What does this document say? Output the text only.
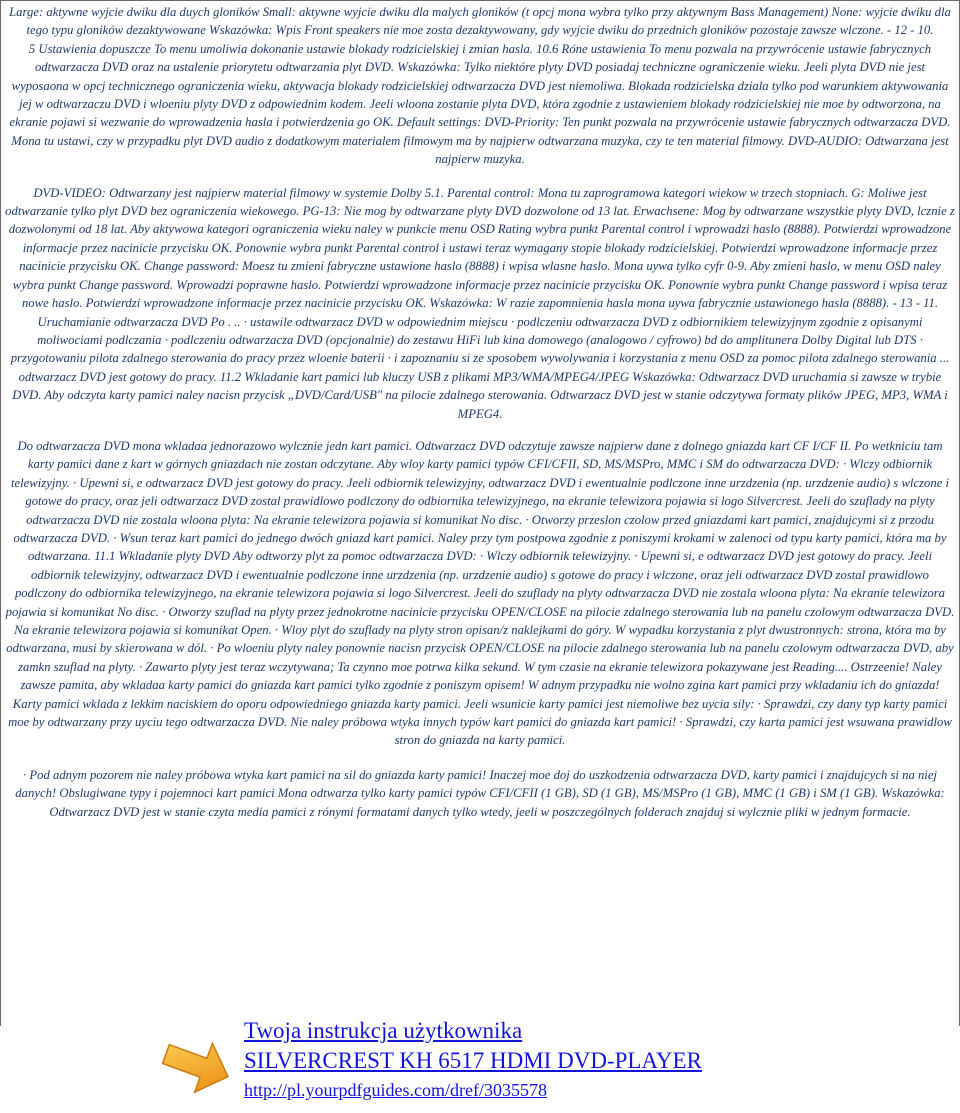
Large: aktywne wyjcie dwiku dla duych gloników Small: aktywne wyjcie dwiku dla malych gloników (t opcj mona wybra tylko przy aktywnym Bass Management) None: wyjcie dwiku dla tego typu gloników dezaktywowane Wskazówka: Wpis Front speakers nie moe zosta dezaktywowany, gdy wyjcie dwiku do przednich gloników pozostaje zawsze wlczone. - 12 - 10.

5 Ustawienia dopuszcze To menu umoliwia dokonanie ustawie blokady rodzicielskiej i zmian hasla. 10.6 Róne ustawienia To menu pozwala na przywrócenie ustawie fabrycznych odtwarzacza DVD oraz na ustalenie priorytetu odtwarzania plyt DVD. Wskazówka: Tylko niektóre plyty DVD posiadaj techniczne ograniczenie wieku. Jeeli plyta DVD nie jest wyposaona w opcj technicznego ograniczenia wieku, aktywacja blokady rodzicielskiej odtwarzacza DVD jest niemoliwa. Blokada rodzicielska dziala tylko pod warunkiem aktywowania jej w odtwarzaczu DVD i wloeniu plyty DVD z odpowiednim kodem. Jeeli wloona zostanie plyta DVD, która zgodnie z ustawieniem blokady rodzicielskiej nie moe by odtworzona, na ekranie pojawi si wezwanie do wprowadzenia hasla i potwierdzenia go OK. Default settings: DVD-Priority: Ten punkt pozwala na przywrócenie ustawie fabrycznych odtwarzacza DVD. Mona tu ustawi, czy w przypadku plyt DVD audio z dodatkowym materialem filmowym ma by najpierw odtwarzana muzyka, czy te ten material filmowy. DVD-AUDIO: Odtwarzana jest najpierw muzyka.

DVD-VIDEO: Odtwarzany jest najpierw material filmowy w systemie Dolby 5.1. Parental control: Mona tu zaprogramowa kategori wiekow w trzech stopniach. G: Moliwe jest odtwarzanie tylko plyt DVD bez ograniczenia wiekowego. PG-13: Nie mog by odtwarzane plyty DVD dozwolone od 13 lat. Erwachsene: Mog by odtwarzane wszystkie plyty DVD, lcznie z dozwolonymi od 18 lat. Aby aktywowa kategori ograniczenia wieku naley w punkcie menu OSD Rating wybra punkt Parental control i wprowadzi haslo (8888). Potwierdzi wprowadzone informacje przez nacinicie przycisku OK. Ponownie wybra punkt Parental control i ustawi teraz wymagany stopie blokady rodzicielskiej. Potwierdzi wprowadzone informacje przez nacinicie przycisku OK. Change password: Moesz tu zmieni fabryczne ustawione haslo (8888) i wpisa wlasne haslo. Mona uywa tylko cyfr 0-9. Aby zmieni haslo, w menu OSD naley wybra punkt Change password. Wprowadzi poprawne haslo. Potwierdzi wprowadzone informacje przez nacinicie przycisku OK. Ponownie wybra punkt Change password i wpisa teraz nowe haslo. Potwierdzi wprowadzone informacje przez nacinicie przycisku OK. Wskazówka: W razie zapomnienia hasla mona uywa fabrycznie ustawionego hasla (8888). - 13 - 11. Uruchamianie odtwarzacza DVD Po . .. · ustawile odtwarzacz DVD w odpowiednim miejscu · podlczeniu odtwarzacza DVD z odbiornikiem telewizyjnym zgodnie z opisanymi moliwociami podlczania · podlczeniu odtwarzacza DVD (opcjonalnie) do zestawu HiFi lub kina domowego (analogowo / cyfrowo) bd do amplitunera Dolby Digital lub DTS · przygotowaniu pilota zdalnego sterowania do pracy przez wloenie baterii · i zapoznaniu si ze sposobem wywolywania i korzystania z menu OSD za pomoc pilota zdalnego sterowania ... odtwarzacz DVD jest gotowy do pracy. 11.2 Wkladanie kart pamici lub kluczy USB z plikami MP3/WMA/MPEG4/JPEG Wskazówka: Odtwarzacz DVD uruchamia si zawsze w trybie DVD. Aby odczyta karty pamici naley nacisn przycisk „DVD/Card/USB" na pilocie zdalnego sterowania. Odtwarzacz DVD jest w stanie odczytywa formaty plików JPEG, MP3, WMA i MPEG4.

Do odtwarzacza DVD mona wkladaa jednorazowo wylcznie jedn kart pamici. Odtwarzacz DVD odczytuje zawsze najpierw dane z dolnego gniazda kart CF I/CF II. Po wetkniciu tam karty pamici dane z kart w górnych gniazdach nie zostan odczytane. Aby wloy karty pamici typów CFI/CFII, SD, MS/MSPro, MMC i SM do odtwarzacza DVD: · Wlczy odbiornik telewizyjny. · Upewni si, e odtwarzacz DVD jest gotowy do pracy. Jeeli odbiornik telewizyjny, odtwarzacz DVD i ewentualnie podlczone inne urzdzenia (np. urzdzenie audio) s wlczone i gotowe do pracy, oraz jeli odtwarzacz DVD zostal prawidlowo podlczony do odbiornika telewizyjnego, na ekranie telewizora pojawia si logo Silvercrest. Jeeli do szuflady na plyty odtwarzacza DVD nie zostala wloona plyta: Na ekranie telewizora pojawia si komunikat No disc. · Otworzy przeslon czolow przed gniazdami kart pamici, znajdujcymi si z przodu odtwarzacza DVD. · Wsun teraz kart pamici do jednego dwóch gniazd kart pamici. Naley przy tym postpowa zgodnie z poniszymi krokami w zalenoci od typu karty pamici, która ma by odtwarzana. 11.1 Wkladanie plyty DVD Aby odtworzy plyt za pomoc odtwarzacza DVD: · Wlczy odbiornik telewizyjny. · Upewni si, e odtwarzacz DVD jest gotowy do pracy. Jeeli odbiornik telewizyjny, odtwarzacz DVD i ewentualnie podlczone inne urzdzenia (np. urzdzenie audio) s gotowe do pracy i wlczone, oraz jeli odtwarzacz DVD zostal prawidlowo podlczony do odbiornika telewizyjnego, na ekranie telewizora pojawia si logo Silvercrest. Jeeli do szuflady na plyty odtwarzacza DVD nie zostala wloona plyta: Na ekranie telewizora pojawia si komunikat No disc. · Otworzy szuflad na plyty przez jednokrotne nacinicie przycisku OPEN/CLOSE na pilocie zdalnego sterowania lub na panelu czolowym odtwarzacza DVD. Na ekranie telewizora pojawia si komunikat Open. · Wloy plyt do szuflady na plyty stron opisan/z naklejkami do góry. W wypadku korzystania z plyt dwustronnych: strona, która ma by odtwarzana, musi by skierowana w dól. · Po wloeniu plyty naley ponownie nacisn przycisk OPEN/CLOSE na pilocie zdalnego sterowania lub na panelu czolowym odtwarzacza DVD, aby zamkn szuflad na plyty. · Zawarto plyty jest teraz wczytywana; Ta czynno moe potrwa kilka sekund. W tym czasie na ekranie telewizora pokazywane jest Reading.... Ostrzeenie! Naley zawsze pamita, aby wkladaa karty pamici do gniazda kart pamici tylko zgodnie z poniszym opisem! W adnym przypadku nie wolno zgina kart pamici przy wkladaniu ich do gniazda! Karty pamici wklada z lekkim naciskiem do oporu odpowiedniego gniazda karty pamici. Jeeli wsunicie karty pamici jest niemoliwe bez uycia sily: · Sprawdzi, czy dany typ karty pamici moe by odtwarzany przy uyciu tego odtwarzacza DVD. Nie naley próbowa wtyka innych typów kart pamici do gniazda kart pamici! · Sprawdzi, czy karta pamici jest wsuwana prawidlow stron do gniazda na karty pamici.

· Pod adnym pozorem nie naley próbowa wtyka kart pamici na sil do gniazda karty pamici! Inaczej moe doj do uszkodzenia odtwarzacza DVD, karty pamici i znajdujcych si na niej danych! Obslugiwane typy i pojemnoci kart pamici Mona odtwarza tylko karty pamici typów CFI/CFII (1 GB), SD (1 GB), MS/MSPro (1 GB), MMC (1 GB) i SM (1 GB). Wskazówka: Odtwarzacz DVD jest w stanie czyta media pamici z rónymi formatami danych tylko wtedy, jeeli w poszczególnych folderach znajduj si wylcznie pliki w jednym formacie.

Twoja instrukcja użytkownika
SILVERCREST KH 6517 HDMI DVD-PLAYER
http://pl.yourpdfguides.com/dref/3035578
